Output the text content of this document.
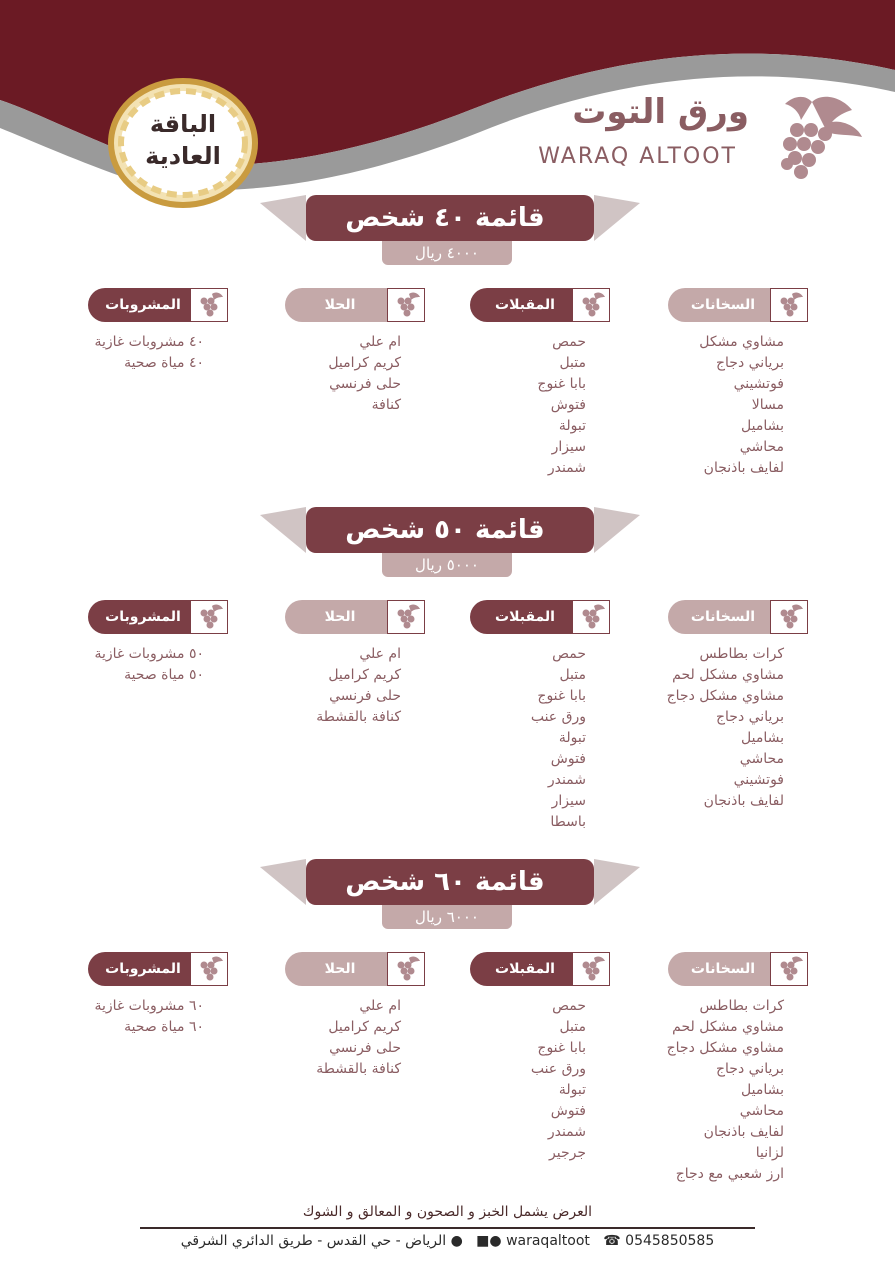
ورق التوت
WARAQ ALTOOT
الباقة
العادية
قائمة ٤٠ شخص
٤٠٠٠ ريال
السخانات
مشاوي مشكل
برياني دجاج
فوتشيني
مسالا
بشاميل
محاشي
لفايف باذنجان
المقبلات
حمص
متبل
بابا غنوج
فتوش
تبولة
سيزار
شمندر
الحلا
ام علي
كريم كراميل
حلى فرنسي
كنافة
المشروبات
٤٠ مشروبات غازية
٤٠ مياة صحية
قائمة ٥٠ شخص
٥٠٠٠ ريال
السخانات
كرات بطاطس
مشاوي مشكل لحم
مشاوي مشكل دجاج
برياني دجاج
بشاميل
محاشي
فوتشيني
لفايف باذنجان
المقبلات
حمص
متبل
بابا غنوج
ورق عنب
تبولة
فتوش
شمندر
سيزار
باسطا
الحلا
ام علي
كريم كراميل
حلى فرنسي
كنافة بالقشطة
المشروبات
٥٠ مشروبات غازية
٥٠ مياة صحية
قائمة ٦٠ شخص
٦٠٠٠ ريال
السخانات
كرات بطاطس
مشاوي مشكل لحم
مشاوي مشكل دجاج
برياني دجاج
بشاميل
محاشي
لفايف باذنجان
لزانيا
ارز شعبي مع دجاج
المقبلات
حمص
متبل
بابا غنوج
ورق عنب
تبولة
فتوش
شمندر
جرجير
الحلا
ام علي
كريم كراميل
حلى فرنسي
كنافة بالقشطة
المشروبات
٦٠ مشروبات غازية
٦٠ مياة صحية
العرض يشمل الخبز و الصحون و المعالق و الشوك
الرياض - حي القدس - طريق الدائري الشرقي ● ■● waraqaltoot ☎ 0545850585
